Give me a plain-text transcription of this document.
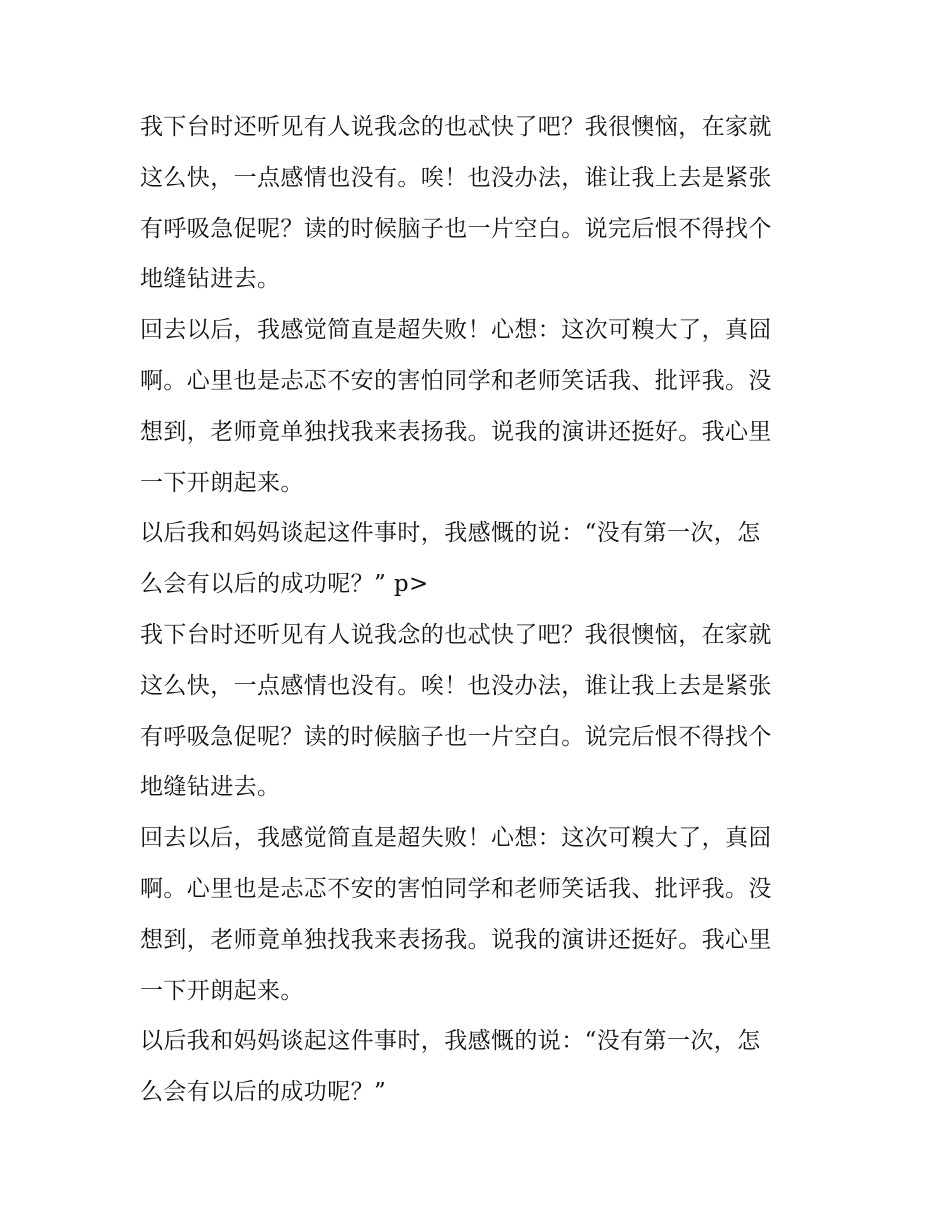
我下台时还听见有人说我念的也忒快了吧？我很懊恼，在家就
这么快，一点感情也没有。唉！也没办法，谁让我上去是紧张
有呼吸急促呢？读的时候脑子也一片空白。说完后恨不得找个
地缝钻进去。
回去以后，我感觉简直是超失败！心想：这次可糗大了，真囧
啊。心里也是忐忑不安的害怕同学和老师笑话我、批评我。没
想到，老师竟单独找我来表扬我。说我的演讲还挺好。我心里
一下开朗起来。
以后我和妈妈谈起这件事时，我感慨的说：“没有第一次，怎
么会有以后的成功呢？” p>
我下台时还听见有人说我念的也忒快了吧？我很懊恼，在家就
这么快，一点感情也没有。唉！也没办法，谁让我上去是紧张
有呼吸急促呢？读的时候脑子也一片空白。说完后恨不得找个
地缝钻进去。
回去以后，我感觉简直是超失败！心想：这次可糗大了，真囧
啊。心里也是忐忑不安的害怕同学和老师笑话我、批评我。没
想到，老师竟单独找我来表扬我。说我的演讲还挺好。我心里
一下开朗起来。
以后我和妈妈谈起这件事时，我感慨的说：“没有第一次，怎
么会有以后的成功呢？”
